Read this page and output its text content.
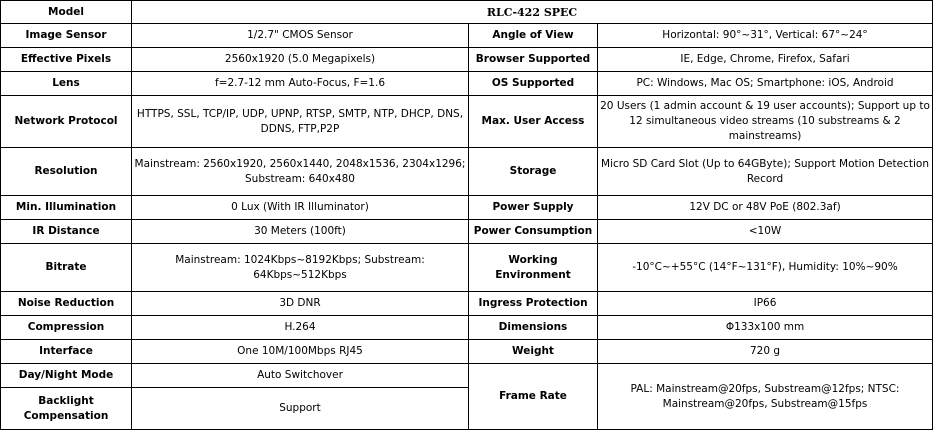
Model	RLC-422 SPEC		
Image Sensor	1/2.7" CMOS Sensor	Angle of View	Horizontal: 90°~31°, Vertical: 67°~24°
Effective Pixels	2560x1920 (5.0 Megapixels)	Browser Supported	IE, Edge, Chrome, Firefox, Safari
Lens	f=2.7-12 mm Auto-Focus, F=1.6	OS Supported	PC: Windows, Mac OS; Smartphone: iOS, Android
Network Protocol	HTTPS, SSL, TCP/IP, UDP, UPNP, RTSP, SMTP, NTP, DHCP, DNS, DDNS, FTP,P2P	Max. User Access	20 Users (1 admin account & 19 user accounts); Support up to 12 simultaneous video streams (10 substreams & 2 mainstreams)
Resolution	Mainstream: 2560x1920, 2560x1440, 2048x1536, 2304x1296; Substream: 640x480	Storage	Micro SD Card Slot (Up to 64GByte); Support Motion Detection Record
Min. Illumination	0 Lux (With IR Illuminator)	Power Supply	12V DC or 48V PoE (802.3af)
IR Distance	30 Meters (100ft)	Power Consumption	<10W
Bitrate	Mainstream: 1024Kbps~8192Kbps; Substream: 64Kbps~512Kbps	Working Environment	-10°C~+55°C (14°F~131°F), Humidity: 10%~90%
Noise Reduction	3D DNR	Ingress Protection	IP66
Compression	H.264	Dimensions	Φ133x100 mm
Interface	One 10M/100Mbps RJ45	Weight	720 g
Day/Night Mode	Auto Switchover	Frame Rate	PAL: Mainstream@20fps, Substream@12fps; NTSC: Mainstream@20fps, Substream@15fps
Backlight Compensation	Support		
